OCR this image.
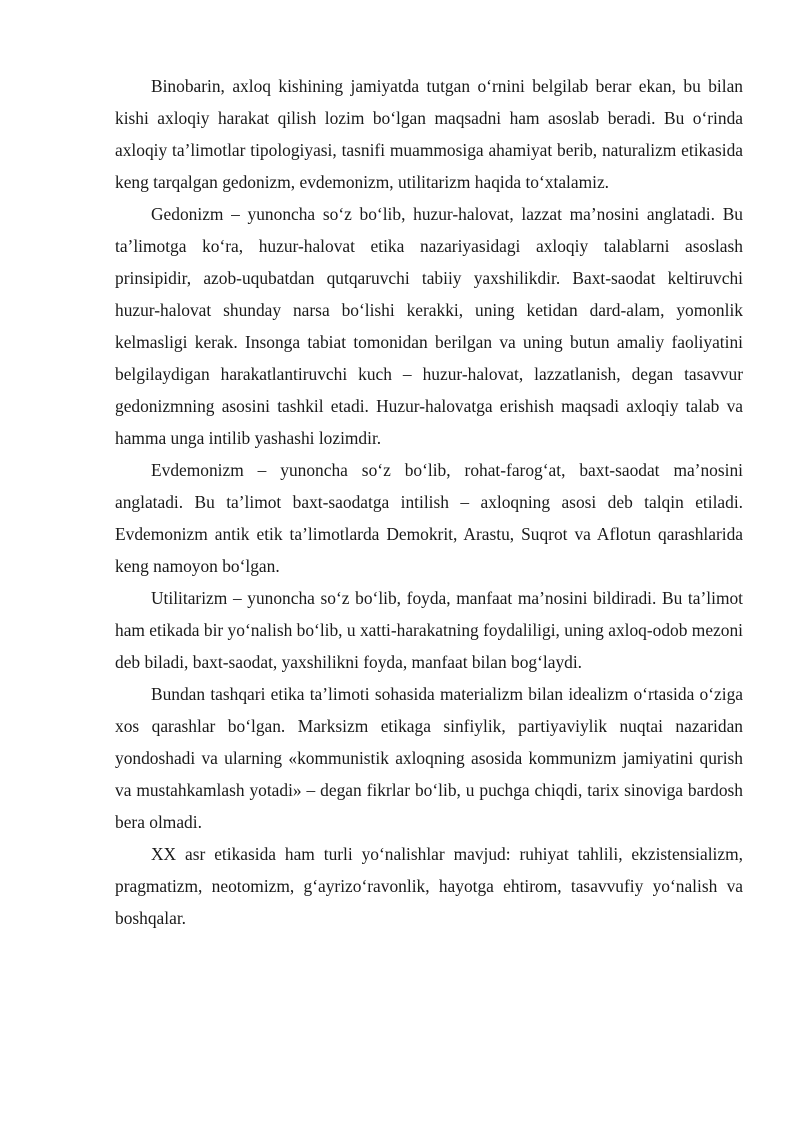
Binobarin, axloq kishining jamiyatda tutgan o‘rnini belgilab berar ekan, bu bilan kishi axloqiy harakat qilish lozim bo‘lgan maqsadni ham asoslab beradi. Bu o‘rinda axloqiy ta’limotlar tipologiyasi, tasnifi muammosiga ahamiyat berib, naturalizm etikasida keng tarqalgan gedonizm, evdemonizm, utilitarizm haqida to‘xtalamiz.

Gedonizm – yunoncha so‘z bo‘lib, huzur-halovat, lazzat ma’nosini anglatadi. Bu ta’limotga ko‘ra, huzur-halovat etika nazariyasidagi axloqiy talablarni asoslash prinsipidir, azob-uqubatdan qutqaruvchi tabiiy yaxshilikdir. Baxt-saodat keltiruvchi huzur-halovat shunday narsa bo‘lishi kerakki, uning ketidan dard-alam, yomonlik kelmasligi kerak. Insonga tabiat tomonidan berilgan va uning butun amaliy faoliyatini belgilaydigan harakatlantiruvchi kuch – huzur-halovat, lazzatlanish, degan tasavvur gedonizmning asosini tashkil etadi. Huzur-halovatga erishish maqsadi axloqiy talab va hamma unga intilib yashashi lozimdir.

Evdemonizm – yunoncha so‘z bo‘lib, rohat-farog‘at, baxt-saodat ma’nosini anglatadi. Bu ta’limot baxt-saodatga intilish – axloqning asosi deb talqin etiladi. Evdemonizm antik etik ta’limotlarda Demokrit, Arastu, Suqrot va Aflotun qarashlarida keng namoyon bo‘lgan.

Utilitarizm – yunoncha so‘z bo‘lib, foyda, manfaat ma’nosini bildiradi. Bu ta’limot ham etikada bir yo‘nalish bo‘lib, u xatti-harakatning foydaliligi, uning axloq-odob mezoni deb biladi, baxt-saodat, yaxshilikni foyda, manfaat bilan bog‘laydi.

Bundan tashqari etika ta’limoti sohasida materializm bilan idealizm o‘rtasida o‘ziga xos qarashlar bo‘lgan. Marksizm etikaga sinfiylik, partiyaviylik nuqtai nazaridan yondoshadi va ularning «kommunistik axloqning asosida kommunizm jamiyatini qurish va mustahkamlash yotadi» – degan fikrlar bo‘lib, u puchga chiqdi, tarix sinoviga bardosh bera olmadi.

XX asr etikasida ham turli yo‘nalishlar mavjud: ruhiyat tahlili, ekzistensializm, pragmatizm, neotomizm, g‘ayrizo‘ravonlik, hayotga ehtirom, tasavvufiy yo‘nalish va boshqalar.
